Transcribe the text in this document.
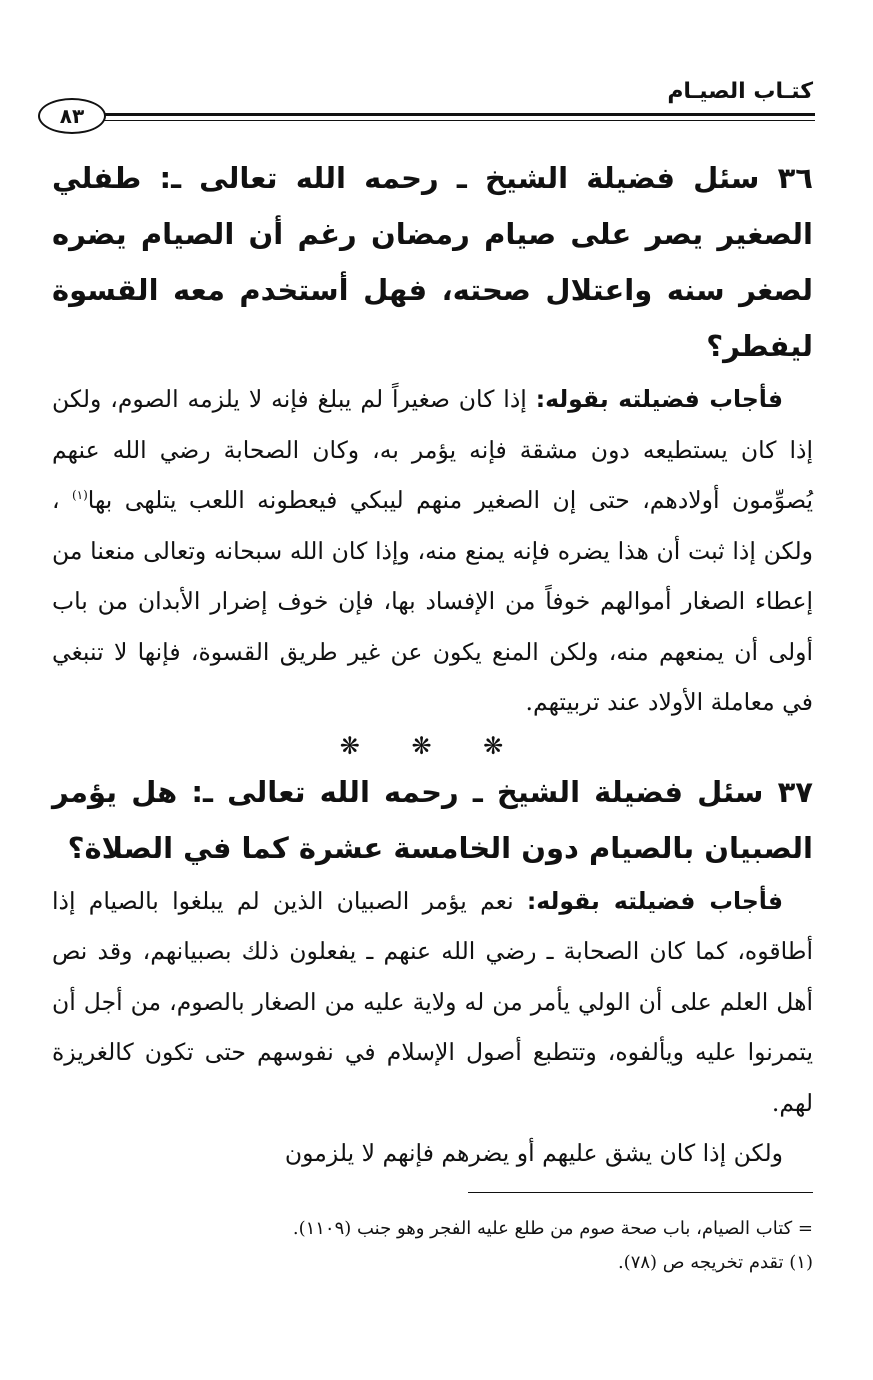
كتـاب الصيـام
٨٣

٣٦ سئل فضيلة الشيخ ـ رحمه الله تعالى ـ: طفلي الصغير يصر على صيام رمضان رغم أن الصيام يضره لصغر سنه واعتلال صحته، فهل أستخدم معه القسوة ليفطر؟

فأجاب فضيلته بقوله: إذا كان صغيراً لم يبلغ فإنه لا يلزمه الصوم، ولكن إذا كان يستطيعه دون مشقة فإنه يؤمر به، وكان الصحابة رضي الله عنهم يُصوِّمون أولادهم، حتى إن الصغير منهم ليبكي فيعطونه اللعب يتلهى بها$^{(١)}$ ، ولكن إذا ثبت أن هذا يضره فإنه يمنع منه، وإذا كان الله سبحانه وتعالى منعنا من إعطاء الصغار أموالهم خوفاً من الإفساد بها، فإن خوف إضرار الأبدان من باب أولى أن يمنعهم منه، ولكن المنع يكون عن غير طريق القسوة، فإنها لا تنبغي في معاملة الأولاد عند تربيتهم.

❋ ❋ ❋

٣٧ سئل فضيلة الشيخ ـ رحمه الله تعالى ـ: هل يؤمر الصبيان بالصيام دون الخامسة عشرة كما في الصلاة؟

فأجاب فضيلته بقوله: نعم يؤمر الصبيان الذين لم يبلغوا بالصيام إذا أطاقوه، كما كان الصحابة ـ رضي الله عنهم ـ يفعلون ذلك بصبيانهم، وقد نص أهل العلم على أن الولي يأمر من له ولاية عليه من الصغار بالصوم، من أجل أن يتمرنوا عليه ويألفوه، وتتطبع أصول الإسلام في نفوسهم حتى تكون كالغريزة لهم.

ولكن إذا كان يشق عليهم أو يضرهم فإنهم لا يلزمون

= كتاب الصيام، باب صحة صوم من طلع عليه الفجر وهو جنب (١١٠٩).

(١) تقدم تخريجه ص (٧٨).
